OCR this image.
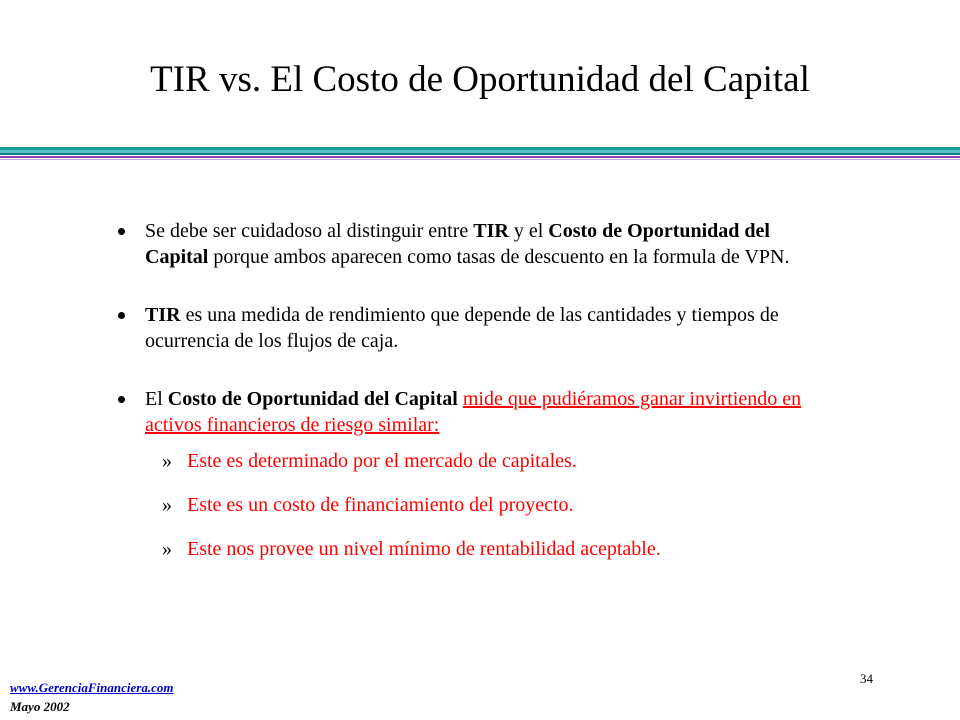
TIR vs. El Costo de Oportunidad del Capital
Se debe ser cuidadoso al distinguir entre TIR y el Costo de Oportunidad del Capital porque ambos aparecen como tasas de descuento en la formula de VPN.
TIR es una medida de rendimiento que depende de las cantidades y tiempos de ocurrencia de los flujos de caja.
El Costo de Oportunidad del Capital mide que pudiéramos ganar invirtiendo en activos financieros de riesgo similar:
» Este es determinado por el mercado de capitales.
» Este es un costo de financiamiento del proyecto.
» Este nos provee un nivel mínimo de rentabilidad aceptable.
www.GerenciaFinanciera.com
Mayo 2002
34
